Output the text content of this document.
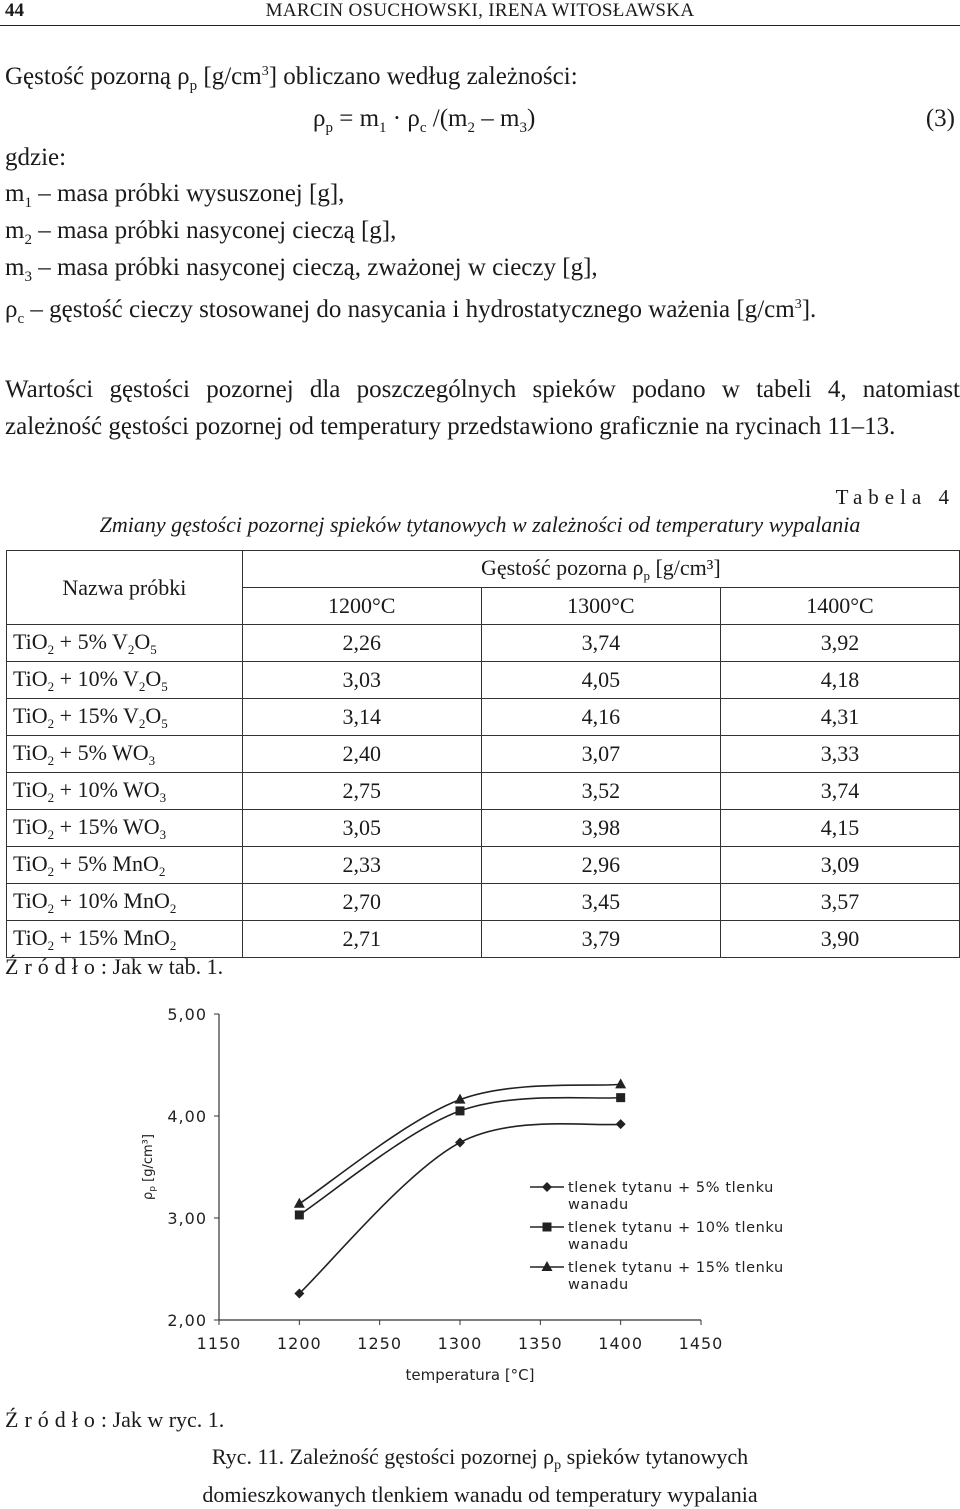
44	MARCIN OSUCHOWSKI, IRENA WITOSŁAWSKA
Gęstość pozorną $\rho_p$ $[g/cm^3]$ obliczano według zależności:
$\rho_p = m_1 \cdot \rho_c$ $/(m_2 - m_3)$	(3)
gdzie:
$m_1$ – masa próbki wysuszonej [g],
$m_2$ – masa próbki nasyconej cieczą [g],
$m_3$ – masa próbki nasyconej cieczą, zważonej w cieczy [g],
$\rho_c$ – gęstość cieczy stosowanej do nasycania i hydrostatycznego ważenia $[g/cm^3]$.
Wartości gęstości pozornej dla poszczególnych spieków podano w tabeli 4, natomiast zależność gęstości pozornej od temperatury przedstawiono graficznie na rycinach 11–13.
Tabela 4
Zmiany gęstości pozornej spieków tytanowych w zależności od temperatury wypalania
Nazwa próbki	Gęstość pozorna $\rho_p$ [g/cm³]		
	1200°C	1300°C	1400°C
TiO$_2$ + 5% $V_2O_5$	2,26	3,74	3,92
TiO$_2$ + 10% $V_2O_5$	3,03	4,05	4,18
TiO$_2$ + 15% $V_2O_5$	3,14	4,16	4,31
TiO$_2$ + 5% $WO_3$	2,40	3,07	3,33
TiO$_2$ + 10% $WO_3$	2,75	3,52	3,74
TiO$_2$ + 15% $WO_3$	3,05	3,98	4,15
TiO$_2$ + 5% MnO$_2$	2,33	2,96	3,09
TiO$_2$ + 10% MnO$_2$	2,70	3,45	3,57
TiO$_2$ + 15% MnO$_2$	2,71	3,79	3,90
Źródło: Jak w tab. 1.
5,00
4,00
3,00
2,00
1150 1200 1250 1300 1350 1400 1450
temperatura [°C]
$\rho_p$ [g/cm³]
tlenek tytanu + 5% tlenku
wanadu
tlenek tytanu + 10% tlenku
wanadu
tlenek tytanu + 15% tlenku
wanadu
Źródło: Jak w ryc. 1.
Ryc. 11. Zależność gęstości pozornej $\rho_p$ spieków tytanowych
domieszkowanych tlenkiem wanadu od temperatury wypalania
